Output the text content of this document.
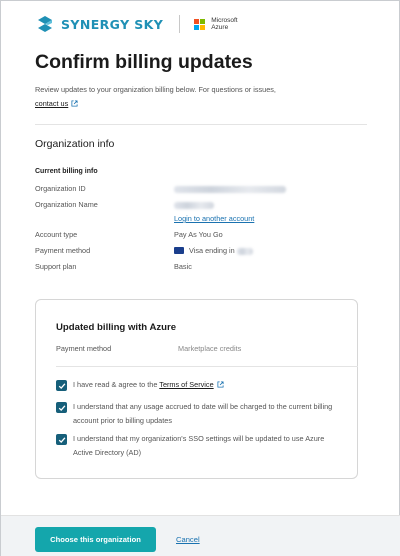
SYNERGY SKY	Microsoft
Azure
Confirm billing updates
Review updates to your organization billing below. For questions or issues,
contact us
Organization info
Current billing info
Organization ID
Organization Name
Login to another account
Account type	Pay As You Go
Payment method	Visa ending in
Support plan	Basic
Updated billing with Azure
Payment method	Marketplace credits
I have read & agree to the Terms of Service
I understand that any usage accrued to date will be charged to the current billing account prior to billing updates
I understand that my organization's SSO settings will be updated to use Azure Active Directory (AD)
Choose this organization	Cancel
